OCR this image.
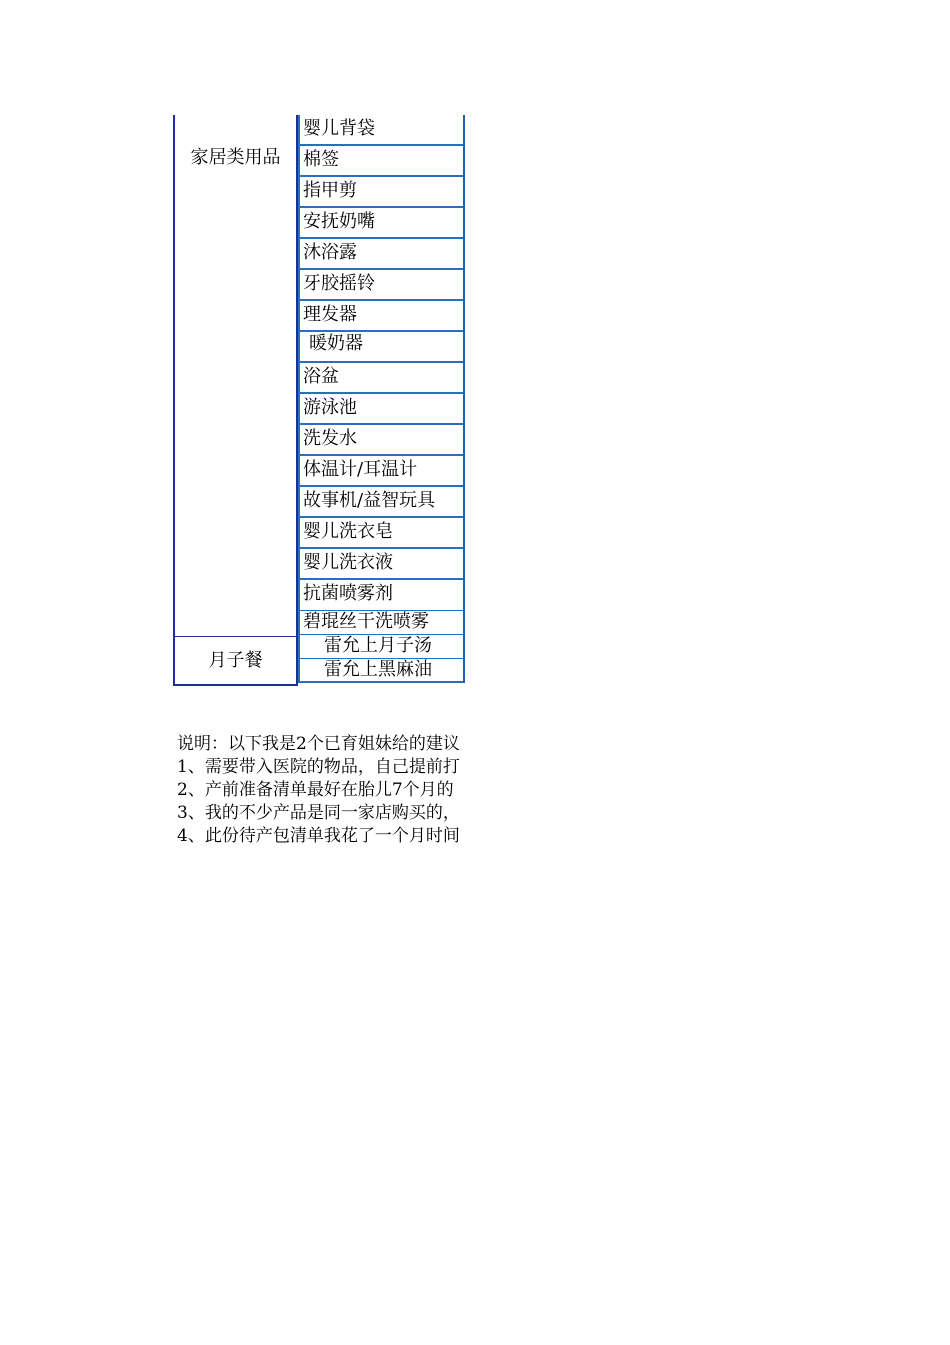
家居类用品
月子餐
婴儿背袋
棉签
指甲剪
安抚奶嘴
沐浴露
牙胶摇铃
理发器
暖奶器
浴盆
游泳池
洗发水
体温计/耳温计
故事机/益智玩具
婴儿洗衣皂
婴儿洗衣液
抗菌喷雾剂
碧琨丝干洗喷雾
雷允上月子汤
雷允上黑麻油
说明：以下我是2个已育姐妹给的建议
1、需要带入医院的物品，自己提前打
2、产前准备清单最好在胎儿7个月的
3、我的不少产品是同一家店购买的，
4、此份待产包清单我花了一个月时间
